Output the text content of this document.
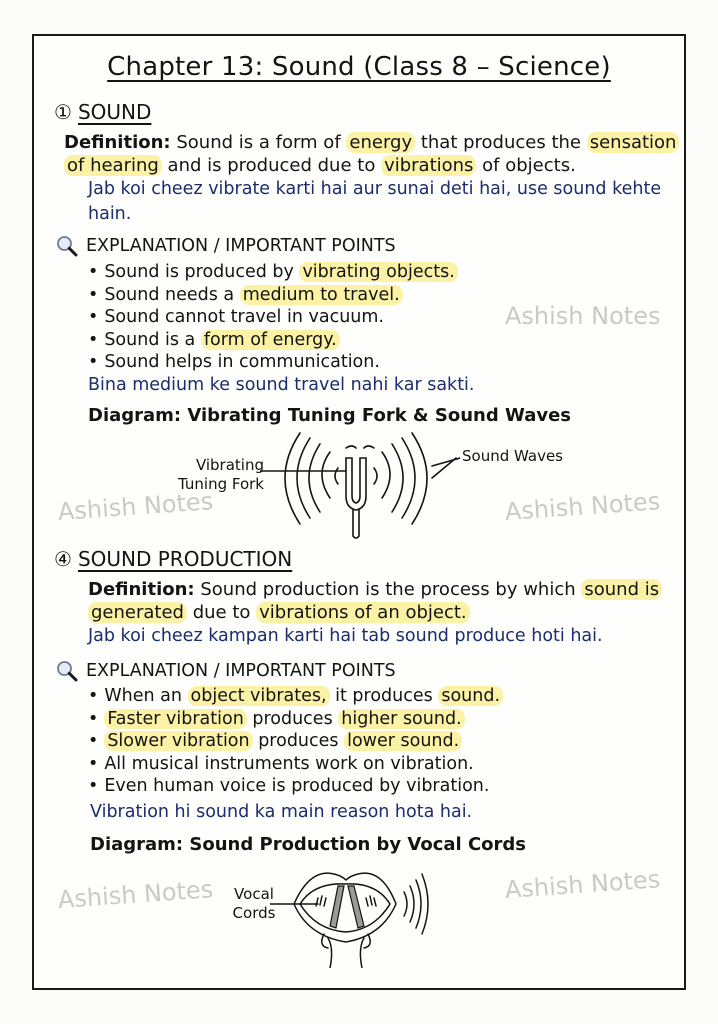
Chapter 13: Sound (Class 8 – Science)
① SOUND
Definition: Sound is a form of energy that produces the sensation of hearing and is produced due to vibrations of objects.
Jab koi cheez vibrate karti hai aur sunai deti hai, use sound kehte hain.
EXPLANATION / IMPORTANT POINTS
• Sound is produced by vibrating objects.
• Sound needs a medium to travel.
• Sound cannot travel in vacuum.
• Sound is a form of energy.
• Sound helps in communication.
Bina medium ke sound travel nahi kar sakti.
Ashish Notes
Diagram: Vibrating Tuning Fork & Sound Waves
Vibrating
Tuning Fork
Sound Waves
Ashish Notes	Ashish Notes
④ SOUND PRODUCTION
Definition: Sound production is the process by which sound is generated due to vibrations of an object.
Jab koi cheez kampan karti hai tab sound produce hoti hai.
EXPLANATION / IMPORTANT POINTS
• When an object vibrates, it produces sound.
• Faster vibration produces higher sound.
• Slower vibration produces lower sound.
• All musical instruments work on vibration.
• Even human voice is produced by vibration.
Vibration hi sound ka main reason hota hai.
Diagram: Sound Production by Vocal Cords
Vocal
Cords
Ashish Notes	Ashish Notes
